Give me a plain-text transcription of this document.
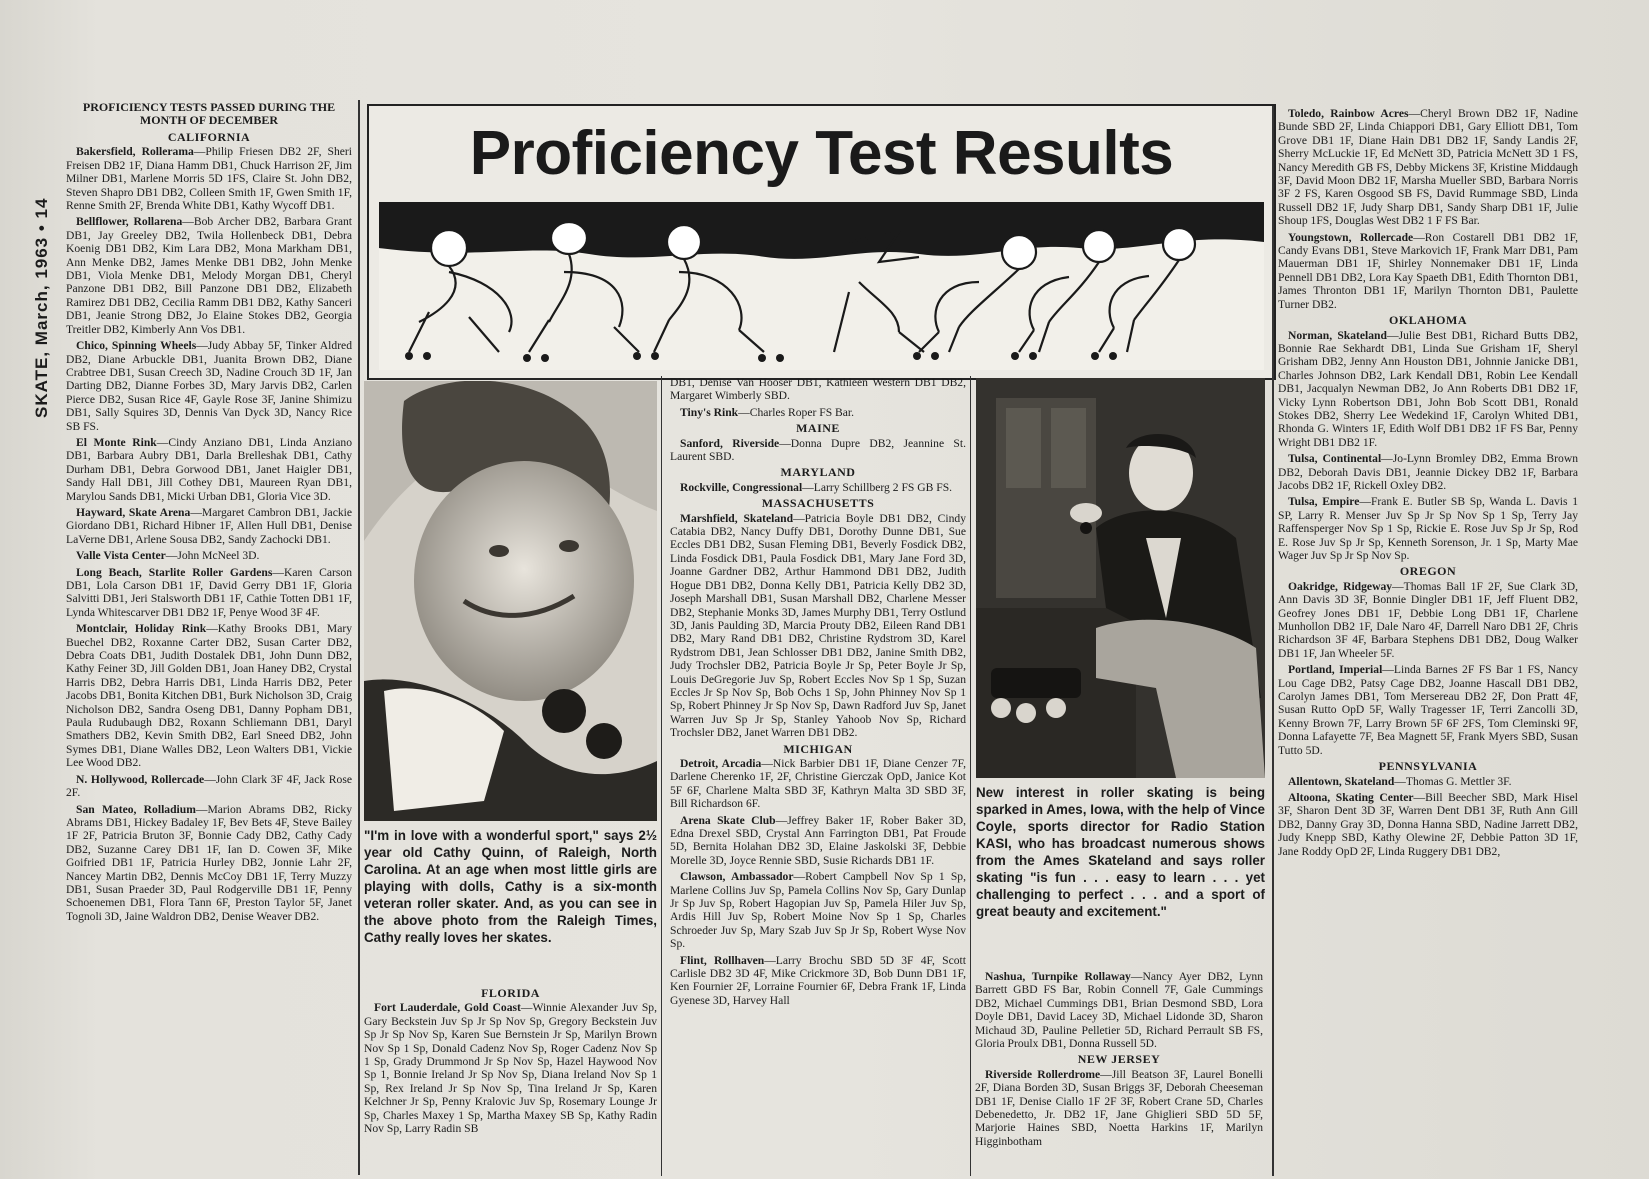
SKATE, March, 1963 • 14
PROFICIENCY TESTS PASSED DURING THE MONTH OF DECEMBER
CALIFORNIA

Bakersfield, Rollerama—Philip Friesen DB2 2F, Sheri Freisen DB2 1F, Diana Hamm DB1, Chuck Harrison 2F, Jim Milner DB1, Marlene Morris 5D 1FS, Claire St. John DB2, Steven Shapro DB1 DB2, Colleen Smith 1F, Gwen Smith 1F, Renne Smith 2F, Brenda White DB1, Kathy Wycoff DB1.

Bellflower, Rollarena—Bob Archer DB2, Barbara Grant DB1, Jay Greeley DB2, Twila Hollenbeck DB1, Debra Koenig DB1 DB2, Kim Lara DB2, Mona Markham DB1, Ann Menke DB2, James Menke DB1 DB2, John Menke DB1, Viola Menke DB1, Melody Morgan DB1, Cheryl Panzone DB1 DB2, Bill Panzone DB1 DB2, Elizabeth Ramirez DB1 DB2, Cecilia Ramm DB1 DB2, Kathy Sanceri DB1, Jeanie Strong DB2, Jo Elaine Stokes DB2, Georgia Treitler DB2, Kimberly Ann Vos DB1.

Chico, Spinning Wheels—Judy Abbay 5F, Tinker Aldred DB2, Diane Arbuckle DB1, Juanita Brown DB2, Diane Crabtree DB1, Susan Creech 3D, Nadine Crouch 3D 1F, Jan Darting DB2, Dianne Forbes 3D, Mary Jarvis DB2, Carlen Pierce DB2, Susan Rice 4F, Gayle Rose 3F, Janine Shimizu DB1, Sally Squires 3D, Dennis Van Dyck 3D, Nancy Rice SB FS.

El Monte Rink—Cindy Anziano DB1, Linda Anziano DB1, Barbara Aubry DB1, Darla Brelleshak DB1, Cathy Durham DB1, Debra Gorwood DB1, Janet Haigler DB1, Sandy Hall DB1, Jill Cothey DB1, Maureen Ryan DB1, Marylou Sands DB1, Micki Urban DB1, Gloria Vice 3D.

Hayward, Skate Arena—Margaret Cambron DB1, Jackie Giordano DB1, Richard Hibner 1F, Allen Hull DB1, Denise LaVerne DB1, Arlene Sousa DB2, Sandy Zachocki DB1.

Valle Vista Center—John McNeel 3D.

Long Beach, Starlite Roller Gardens—Karen Carson DB1, Lola Carson DB1 1F, David Gerry DB1 1F, Gloria Salvitti DB1, Jeri Stalsworth DB1 1F, Cathie Totten DB1 1F, Lynda Whitescarver DB1 DB2 1F, Penye Wood 3F 4F.

Montclair, Holiday Rink—Kathy Brooks DB1, Mary Buechel DB2, Roxanne Carter DB2, Susan Carter DB2, Debra Coats DB1, Judith Dostalek DB1, John Dunn DB2, Kathy Feiner 3D, Jill Golden DB1, Joan Haney DB2, Crystal Harris DB2, Debra Harris DB1, Linda Harris DB2, Peter Jacobs DB1, Bonita Kitchen DB1, Burk Nicholson 3D, Craig Nicholson DB2, Sandra Oseng DB1, Danny Popham DB1, Paula Rudubaugh DB2, Roxann Schliemann DB1, Daryl Smathers DB2, Kevin Smith DB2, Earl Sneed DB2, John Symes DB1, Diane Walles DB2, Leon Walters DB1, Vickie Lee Wood DB2.

N. Hollywood, Rollercade—John Clark 3F 4F, Jack Rose 2F.

San Mateo, Rolladium—Marion Abrams DB2, Ricky Abrams DB1, Hickey Badaley 1F, Bev Bets 4F, Steve Bailey 1F 2F, Patricia Bruton 3F, Bonnie Cady DB2, Cathy Cady DB2, Suzanne Carey DB1 1F, Ian D. Cowen 3F, Mike Goifried DB1 1F, Patricia Hurley DB2, Jonnie Lahr 2F, Nancey Martin DB2, Dennis McCoy DB1 1F, Terry Muzzy DB1, Susan Praeder 3D, Paul Rodgerville DB1 1F, Penny Schoenemen DB1, Flora Tann 6F, Preston Taylor 5F, Janet Tognoli 3D, Jaine Waldron DB2, Denise Weaver DB2.

Proficiency Test Results
"I'm in love with a wonderful sport," says 2½ year old Cathy Quinn, of Raleigh, North Carolina. At an age when most little girls are playing with dolls, Cathy is a six-month veteran roller skater. And, as you can see in the above photo from the Raleigh Times, Cathy really loves her skates.
FLORIDA

Fort Lauderdale, Gold Coast—Winnie Alexander Juv Sp, Gary Beckstein Juv Sp Jr Sp Nov Sp, Gregory Beckstein Juv Sp Jr Sp Nov Sp, Karen Sue Bernstein Jr Sp, Marilyn Brown Nov Sp 1 Sp, Donald Cadenz Nov Sp, Roger Cadenz Nov Sp 1 Sp, Grady Drummond Jr Sp Nov Sp, Hazel Haywood Nov Sp 1, Bonnie Ireland Jr Sp Nov Sp, Diana Ireland Nov Sp 1 Sp, Rex Ireland Jr Sp Nov Sp, Tina Ireland Jr Sp, Karen Kelchner Jr Sp, Penny Kralovic Juv Sp, Rosemary Lounge Jr Sp, Charles Maxey 1 Sp, Martha Maxey SB Sp, Kathy Radin Nov Sp, Larry Radin SB

DB1, Denise Van Hooser DB1, Kathleen Western DB1 DB2, Margaret Wimberly SBD.

Tiny's Rink—Charles Roper FS Bar.

MAINE

Sanford, Riverside—Donna Dupre DB2, Jeannine St. Laurent SBD.

MARYLAND

Rockville, Congressional—Larry Schillberg 2 FS GB FS.

MASSACHUSETTS

Marshfield, Skateland—Patricia Boyle DB1 DB2, Cindy Catabia DB2, Nancy Duffy DB1, Dorothy Dunne DB1, Sue Eccles DB1 DB2, Susan Fleming DB1, Beverly Fosdick DB2, Linda Fosdick DB1, Paula Fosdick DB1, Mary Jane Ford 3D, Joanne Gardner DB2, Arthur Hammond DB1 DB2, Judith Hogue DB1 DB2, Donna Kelly DB1, Patricia Kelly DB2 3D, Joseph Marshall DB1, Susan Marshall DB2, Charlene Messer DB2, Stephanie Monks 3D, James Murphy DB1, Terry Ostlund 3D, Janis Paulding 3D, Marcia Prouty DB2, Eileen Rand DB1 DB2, Mary Rand DB1 DB2, Christine Rydstrom 3D, Karel Rydstrom DB1, Jean Schlosser DB1 DB2, Janine Smith DB2, Judy Trochsler DB2, Patricia Boyle Jr Sp, Peter Boyle Jr Sp, Louis DeGregorie Juv Sp, Robert Eccles Nov Sp 1 Sp, Suzan Eccles Jr Sp Nov Sp, Bob Ochs 1 Sp, John Phinney Nov Sp 1 Sp, Robert Phinney Jr Sp Nov Sp, Dawn Radford Juv Sp, Janet Warren Juv Sp Jr Sp, Stanley Yahoob Nov Sp, Richard Trochsler DB2, Janet Warren DB1 DB2.

MICHIGAN

Detroit, Arcadia—Nick Barbier DB1 1F, Diane Cenzer 7F, Darlene Cherenko 1F, 2F, Christine Gierczak OpD, Janice Kot 5F 6F, Charlene Malta SBD 3F, Kathryn Malta 3D SBD 3F, Bill Richardson 6F.

Arena Skate Club—Jeffrey Baker 1F, Rober Baker 3D, Edna Drexel SBD, Crystal Ann Farrington DB1, Pat Froude 5D, Bernita Holahan DB2 3D, Elaine Jaskolski 3F, Debbie Morelle 3D, Joyce Rennie SBD, Susie Richards DB1 1F.

Clawson, Ambassador—Robert Campbell Nov Sp 1 Sp, Marlene Collins Juv Sp, Pamela Collins Nov Sp, Gary Dunlap Jr Sp Juv Sp, Robert Hagopian Juv Sp, Pamela Hiler Juv Sp, Ardis Hill Juv Sp, Robert Moine Nov Sp 1 Sp, Charles Schroeder Juv Sp, Mary Szab Juv Sp Jr Sp, Robert Wyse Nov Sp.

Flint, Rollhaven—Larry Brochu SBD 5D 3F 4F, Scott Carlisle DB2 3D 4F, Mike Crickmore 3D, Bob Dunn DB1 1F, Ken Fournier 2F, Lorraine Fournier 6F, Debra Frank 1F, Linda Gyenese 3D, Harvey Hall

New interest in roller skating is being sparked in Ames, Iowa, with the help of Vince Coyle, sports director for Radio Station KASI, who has broadcast numerous shows from the Ames Skateland and says roller skating "is fun . . . easy to learn . . . yet challenging to perfect . . . and a sport of great beauty and excitement."

Nashua, Turnpike Rollaway—Nancy Ayer DB2, Lynn Barrett GBD FS Bar, Robin Connell 7F, Gale Cummings DB2, Michael Cummings DB1, Brian Desmond SBD, Lora Doyle DB1, David Lacey 3D, Michael Lidonde 3D, Sharon Michaud 3D, Pauline Pelletier 5D, Richard Perrault SB FS, Gloria Proulx DB1, Donna Russell 5D.

NEW JERSEY

Riverside Rollerdrome—Jill Beatson 3F, Laurel Bonelli 2F, Diana Borden 3D, Susan Briggs 3F, Deborah Cheeseman DB1 1F, Denise Ciallo 1F 2F 3F, Robert Crane 5D, Charles Debenedetto, Jr. DB2 1F, Jane Ghiglieri SBD 5D 5F, Marjorie Haines SBD, Noetta Harkins 1F, Marilyn Higginbotham

Toledo, Rainbow Acres—Cheryl Brown DB2 1F, Nadine Bunde SBD 2F, Linda Chiappori DB1, Gary Elliott DB1, Tom Grove DB1 1F, Diane Hain DB1 DB2 1F, Sandy Landis 2F, Sherry McLuckie 1F, Ed McNett 3D, Patricia McNett 3D 1 FS, Nancy Meredith GB FS, Debby Mickens 3F, Kristine Middaugh 3F, David Moon DB2 1F, Marsha Mueller SBD, Barbara Norris 3F 2 FS, Karen Osgood SB FS, David Rummage SBD, Linda Russell DB2 1F, Judy Sharp DB1, Sandy Sharp DB1 1F, Julie Shoup 1FS, Douglas West DB2 1 F FS Bar.

Youngstown, Rollercade—Ron Costarell DB1 DB2 1F, Candy Evans DB1, Steve Markovich 1F, Frank Marr DB1, Pam Mauerman DB1 1F, Shirley Nonnemaker DB1 1F, Linda Pennell DB1 DB2, Lora Kay Spaeth DB1, Edith Thornton DB1, James Thronton DB1 1F, Marilyn Thornton DB1, Paulette Turner DB2.

OKLAHOMA

Norman, Skateland—Julie Best DB1, Richard Butts DB2, Bonnie Rae Sekhardt DB1, Linda Sue Grisham 1F, Sheryl Grisham DB2, Jenny Ann Houston DB1, Johnnie Janicke DB1, Charles Johnson DB2, Lark Kendall DB1, Robin Lee Kendall DB1, Jacqualyn Newman DB2, Jo Ann Roberts DB1 DB2 1F, Vicky Lynn Robertson DB1, John Bob Scott DB1, Ronald Stokes DB2, Sherry Lee Wedekind 1F, Carolyn Whited DB1, Rhonda G. Winters 1F, Edith Wolf DB1 DB2 1F FS Bar, Penny Wright DB1 DB2 1F.

Tulsa, Continental—Jo-Lynn Bromley DB2, Emma Brown DB2, Deborah Davis DB1, Jeannie Dickey DB2 1F, Barbara Jacobs DB2 1F, Rickell Oxley DB2.

Tulsa, Empire—Frank E. Butler SB Sp, Wanda L. Davis 1 SP, Larry R. Menser Juv Sp Jr Sp Nov Sp 1 Sp, Terry Jay Raffensperger Nov Sp 1 Sp, Rickie E. Rose Juv Sp Jr Sp, Rod E. Rose Juv Sp Jr Sp, Kenneth Sorenson, Jr. 1 Sp, Marty Mae Wager Juv Sp Jr Sp Nov Sp.

OREGON

Oakridge, Ridgeway—Thomas Ball 1F 2F, Sue Clark 3D, Ann Davis 3D 3F, Bonnie Dingler DB1 1F, Jeff Fluent DB2, Geofrey Jones DB1 1F, Debbie Long DB1 1F, Charlene Munhollon DB2 1F, Dale Naro 4F, Darrell Naro DB1 2F, Chris Richardson 3F 4F, Barbara Stephens DB1 DB2, Doug Walker DB1 1F, Jan Wheeler 5F.

Portland, Imperial—Linda Barnes 2F FS Bar 1 FS, Nancy Lou Cage DB2, Patsy Cage DB2, Joanne Hascall DB1 DB2, Carolyn James DB1, Tom Mersereau DB2 2F, Don Pratt 4F, Susan Rutto OpD 5F, Wally Tragesser 1F, Terri Zancolli 3D, Kenny Brown 7F, Larry Brown 5F 6F 2FS, Tom Cleminski 9F, Donna Lafayette 7F, Bea Magnett 5F, Frank Myers SBD, Susan Tutto 5D.

PENNSYLVANIA

Allentown, Skateland—Thomas G. Mettler 3F.

Altoona, Skating Center—Bill Beecher SBD, Mark Hisel 3F, Sharon Dent 3D 3F, Warren Dent DB1 3F, Ruth Ann Gill DB2, Danny Gray 3D, Donna Hanna SBD, Nadine Jarrett DB2, Judy Knepp SBD, Kathy Olewine 2F, Debbie Patton 3D 1F, Jane Roddy OpD 2F, Linda Ruggery DB1 DB2,
